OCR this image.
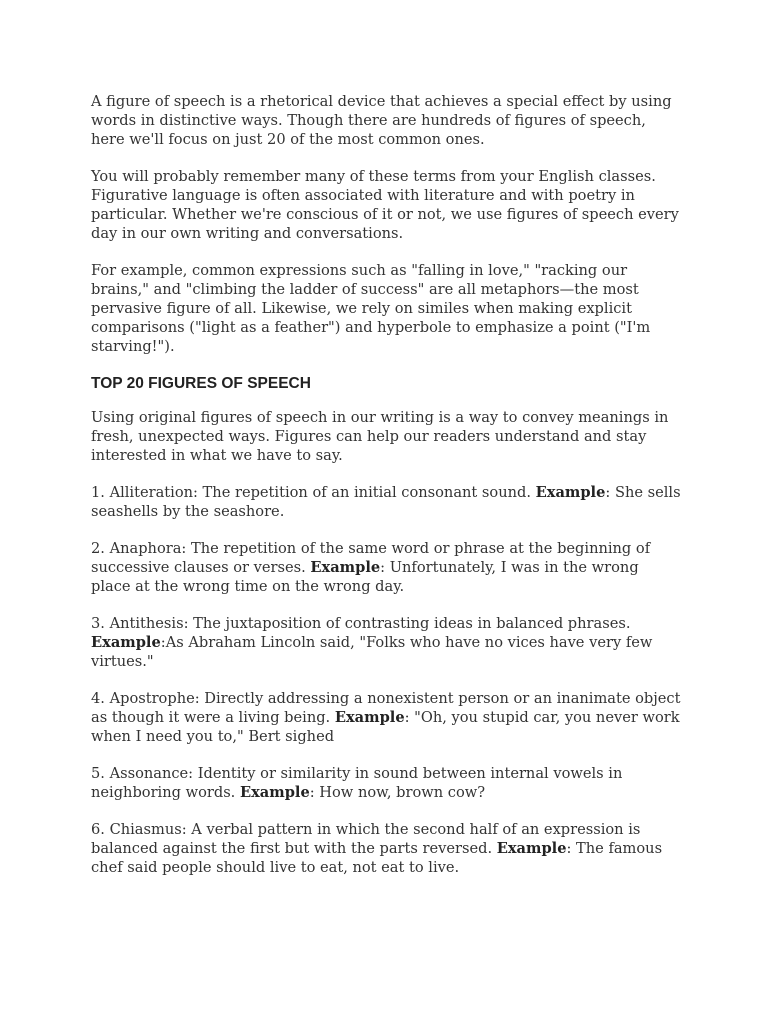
A figure of speech is a rhetorical device that achieves a special effect by using words in distinctive ways. Though there are hundreds of figures of speech, here we'll focus on just 20 of the most common ones.

You will probably remember many of these terms from your English classes. Figurative language is often associated with literature and with poetry in particular. Whether we're conscious of it or not, we use figures of speech every day in our own writing and conversations.

For example, common expressions such as "falling in love," "racking our brains," and "climbing the ladder of success" are all metaphors—the most pervasive figure of all. Likewise, we rely on similes when making explicit comparisons ("light as a feather") and hyperbole to emphasize a point ("I'm starving!").

TOP 20 FIGURES OF SPEECH

Using original figures of speech in our writing is a way to convey meanings in fresh, unexpected ways. Figures can help our readers understand and stay interested in what we have to say.

1. Alliteration: The repetition of an initial consonant sound. Example: She sells seashells by the seashore.

2. Anaphora: The repetition of the same word or phrase at the beginning of successive clauses or verses. Example: Unfortunately, I was in the wrong place at the wrong time on the wrong day.

3. Antithesis: The juxtaposition of contrasting ideas in balanced phrases. Example:As Abraham Lincoln said, "Folks who have no vices have very few virtues."

4. Apostrophe: Directly addressing a nonexistent person or an inanimate object as though it were a living being. Example: "Oh, you stupid car, you never work when I need you to," Bert sighed

5. Assonance: Identity or similarity in sound between internal vowels in neighboring words. Example: How now, brown cow?

6. Chiasmus: A verbal pattern in which the second half of an expression is balanced against the first but with the parts reversed. Example: The famous chef said people should live to eat, not eat to live.
